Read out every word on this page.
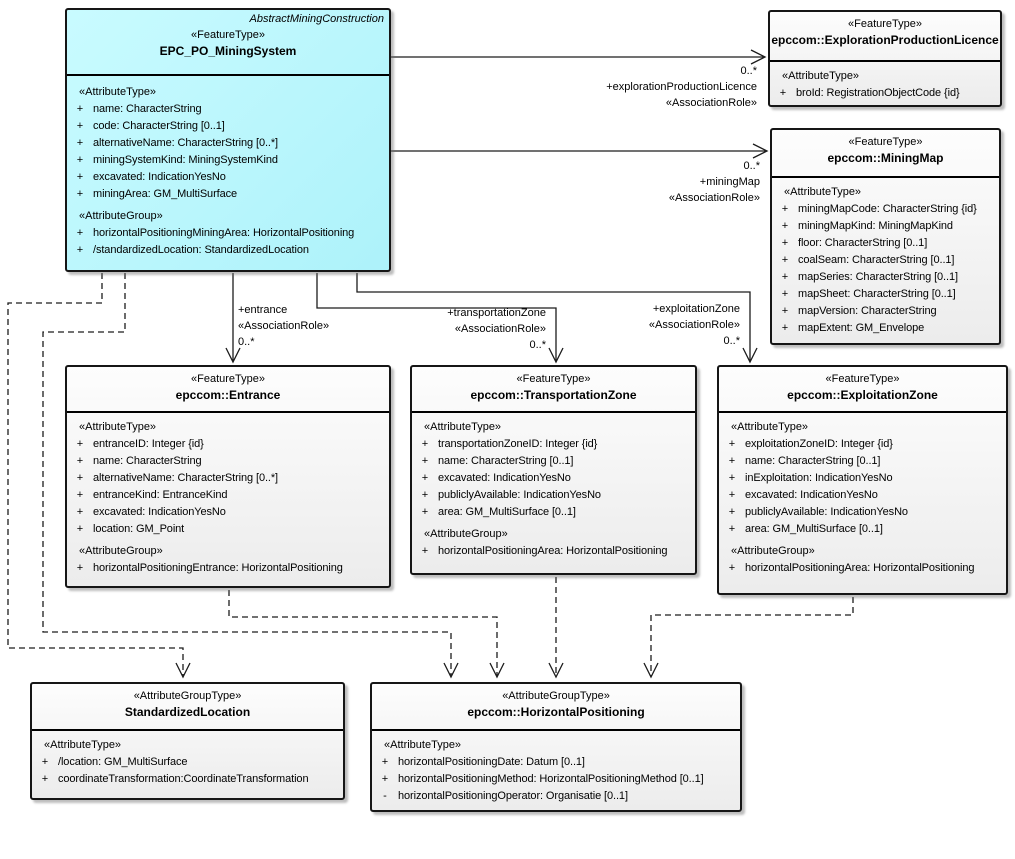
AbstractMiningConstruction
«FeatureType»
EPC_PO_MiningSystem
«AttributeType»
+ name: CharacterString
+ code: CharacterString [0..1]
+ alternativeName: CharacterString [0..*]
+ miningSystemKind: MiningSystemKind
+ excavated: IndicationYesNo
+ miningArea: GM_MultiSurface
«AttributeGroup»
+ horizontalPositioningMiningArea: HorizontalPositioning
+ /standardizedLocation: StandardizedLocation
«FeatureType»
epccom::ExplorationProductionLicence
«AttributeType»
+ broId: RegistrationObjectCode {id}
«FeatureType»
epccom::MiningMap
«AttributeType»
+ miningMapCode: CharacterString {id}
+ miningMapKind: MiningMapKind
+ floor: CharacterString [0..1]
+ coalSeam: CharacterString [0..1]
+ mapSeries: CharacterString [0..1]
+ mapSheet: CharacterString [0..1]
+ mapVersion: CharacterString
+ mapExtent: GM_Envelope
«FeatureType»
epccom::Entrance
«AttributeType»
+ entranceID: Integer {id}
+ name: CharacterString
+ alternativeName: CharacterString [0..*]
+ entranceKind: EntranceKind
+ excavated: IndicationYesNo
+ location: GM_Point
«AttributeGroup»
+ horizontalPositioningEntrance: HorizontalPositioning
«FeatureType»
epccom::TransportationZone
«AttributeType»
+ transportationZoneID: Integer {id}
+ name: CharacterString [0..1]
+ excavated: IndicationYesNo
+ publiclyAvailable: IndicationYesNo
+ area: GM_MultiSurface [0..1]
«AttributeGroup»
+ horizontalPositioningArea: HorizontalPositioning
«FeatureType»
epccom::ExploitationZone
«AttributeType»
+ exploitationZoneID: Integer {id}
+ name: CharacterString [0..1]
+ inExploitation: IndicationYesNo
+ excavated: IndicationYesNo
+ publiclyAvailable: IndicationYesNo
+ area: GM_MultiSurface [0..1]
«AttributeGroup»
+ horizontalPositioningArea: HorizontalPositioning
«AttributeGroupType»
StandardizedLocation
«AttributeType»
+ /location: GM_MultiSurface
+ coordinateTransformation:CoordinateTransformation
«AttributeGroupType»
epccom::HorizontalPositioning
«AttributeType»
+ horizontalPositioningDate: Datum [0..1]
+ horizontalPositioningMethod: HorizontalPositioningMethod [0..1]
- horizontalPositioningOperator: Organisatie [0..1]
0..*
+explorationProductionLicence
«AssociationRole»
0..*
+miningMap
«AssociationRole»
+entrance
«AssociationRole»
0..*
+transportationZone
«AssociationRole»
0..*
+exploitationZone
«AssociationRole»
0..*
